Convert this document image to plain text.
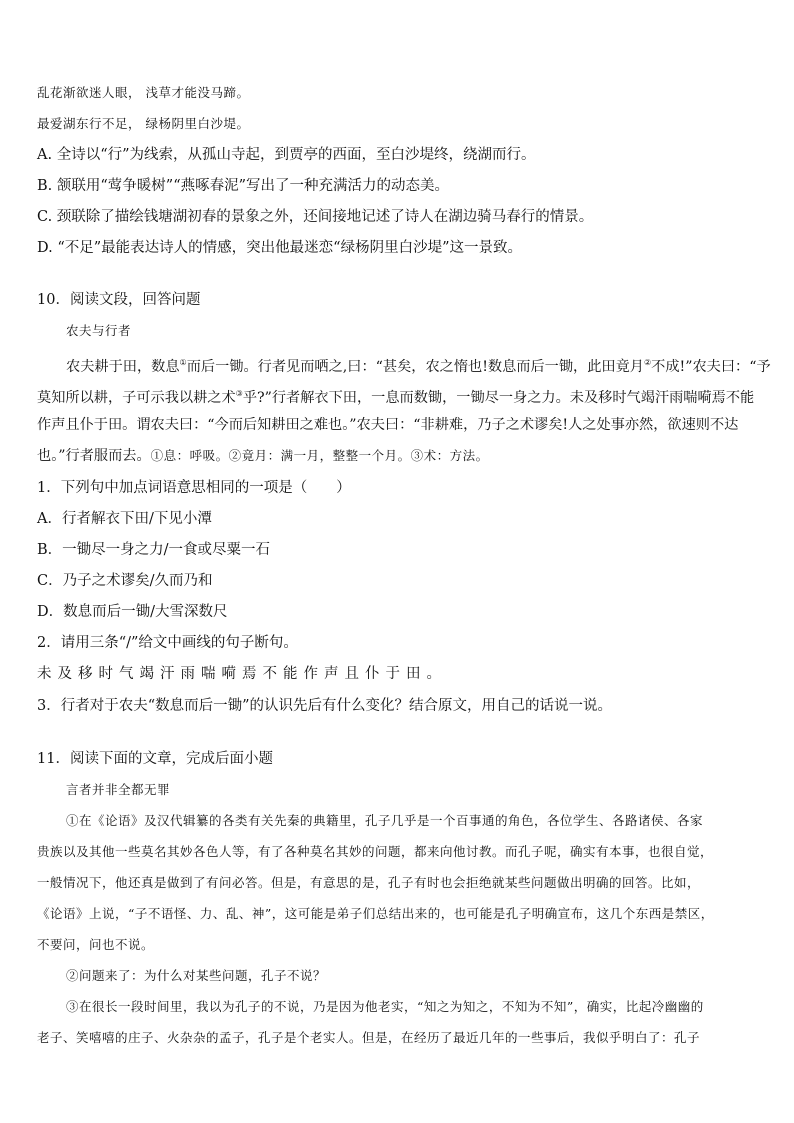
乱花渐欲迷人眼， 浅草才能没马蹄。
最爱湖东行不足， 绿杨阴里白沙堤。
A. 全诗以“行”为线索，从孤山寺起，到贾亭的西面，至白沙堤终，绕湖而行。
B. 颔联用“莺争暖树”“燕啄春泥”写出了一种充满活力的动态美。
C. 颈联除了描绘钱塘湖初春的景象之外，还间接地记述了诗人在湖边骑马春行的情景。
D. “不足”最能表达诗人的情感，突出他最迷恋“绿杨阴里白沙堤”这一景致。
10．阅读文段，回答问题
农夫与行者
农夫耕于田，数息①而后一锄。行者见而哂之,曰：“甚矣，农之惰也!数息而后一锄，此田竟月②不成!”农夫曰：“予
莫知所以耕，子可示我以耕之术③乎?”行者解衣下田，一息而数锄，一锄尽一身之力。未及移时气竭汗雨喘嗬焉不能
作声且仆于田。谓农夫曰：“今而后知耕田之难也。”农夫曰：“非耕难，乃子之术谬矣!人之处事亦然，欲速则不达
也。”行者服而去。①息：呼吸。②竟月：满一月，整整一个月。③术：方法。
1．下列句中加点词语意思相同的一项是（　　）
A．行者解衣下田/下见小潭
B．一锄尽一身之力/一食或尽粟一石
C．乃子之术谬矣/久而乃和
D．数息而后一锄/大雪深数尺
2．请用三条“/”给文中画线的句子断句。
未及移时气竭汗雨喘嗬焉不能作声且仆于田。
3．行者对于农夫“数息而后一锄”的认识先后有什么变化？结合原文，用自己的话说一说。
11．阅读下面的文章，完成后面小题
言者并非全都无罪
①在《论语》及汉代辑纂的各类有关先秦的典籍里，孔子几乎是一个百事通的角色，各位学生、各路诸侯、各家
贵族以及其他一些莫名其妙各色人等，有了各种莫名其妙的问题，都来向他讨教。而孔子呢，确实有本事，也很自觉，
一般情况下，他还真是做到了有问必答。但是，有意思的是，孔子有时也会拒绝就某些问题做出明确的回答。比如，
《论语》上说，“子不语怪、力、乱、神”，这可能是弟子们总结出来的，也可能是孔子明确宣布，这几个东西是禁区，
不要问，问也不说。
②问题来了：为什么对某些问题，孔子不说？
③在很长一段时间里，我以为孔子的不说，乃是因为他老实，“知之为知之，不知为不知”，确实，比起冷幽幽的
老子、笑嘻嘻的庄子、火杂杂的孟子，孔子是个老实人。但是，在经历了最近几年的一些事后，我似乎明白了：孔子
